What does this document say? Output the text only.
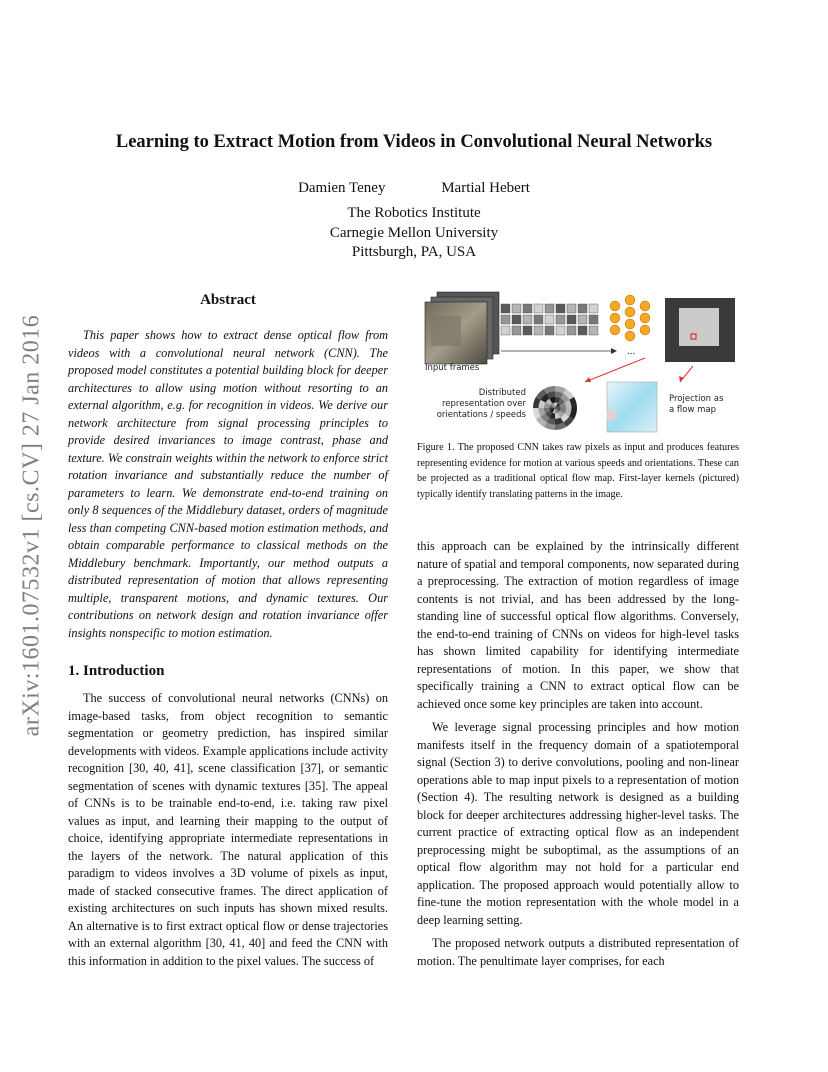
Learning to Extract Motion from Videos in Convolutional Neural Networks
Damien Teney	Martial Hebert
The Robotics Institute
Carnegie Mellon University
Pittsburgh, PA, USA
arXiv:1601.07532v1 [cs.CV] 27 Jan 2016
Abstract

This paper shows how to extract dense optical flow from videos with a convolutional neural network (CNN). The proposed model constitutes a potential building block for deeper architectures to allow using motion without resorting to an external algorithm, e.g. for recognition in videos. We derive our network architecture from signal processing principles to provide desired invariances to image contrast, phase and texture. We constrain weights within the network to enforce strict rotation invariance and substantially reduce the number of parameters to learn. We demonstrate end-to-end training on only 8 sequences of the Middlebury dataset, orders of magnitude less than competing CNN-based motion estimation methods, and obtain comparable performance to classical methods on the Middlebury benchmark. Importantly, our method outputs a distributed representation of motion that allows representing multiple, transparent motions, and dynamic textures. Our contributions on network design and rotation invariance offer insights nonspecific to motion estimation.

1. Introduction

The success of convolutional neural networks (CNNs) on image-based tasks, from object recognition to semantic segmentation or geometry prediction, has inspired similar developments with videos. Example applications include activity recognition [30, 40, 41], scene classification [37], or semantic segmentation of scenes with dynamic textures [35]. The appeal of CNNs is to be trainable end-to-end, i.e. taking raw pixel values as input, and learning their mapping to the output of choice, identifying appropriate intermediate representations in the layers of the network. The natural application of this paradigm to videos involves a 3D volume of pixels as input, made of stacked consecutive frames. The direct application of existing architectures on such inputs has shown mixed results. An alternative is to first extract optical flow or dense trajectories with an external algorithm [30, 41, 40] and feed the CNN with this information in addition to the pixel values. The success of

...
Input frames
Distributed
representation over
orientations / speeds
Projection as
a flow map
Figure 1. The proposed CNN takes raw pixels as input and produces features representing evidence for motion at various speeds and orientations. These can be projected as a traditional optical flow map. First-layer kernels (pictured) typically identify translating patterns in the image.

this approach can be explained by the intrinsically different nature of spatial and temporal components, now separated during a preprocessing. The extraction of motion regardless of image contents is not trivial, and has been addressed by the long-standing line of successful optical flow algorithms. Conversely, the end-to-end training of CNNs on videos for high-level tasks has shown limited capability for identifying intermediate representations of motion. In this paper, we show that specifically training a CNN to extract optical flow can be achieved once some key principles are taken into account.

We leverage signal processing principles and how motion manifests itself in the frequency domain of a spatiotemporal signal (Section 3) to derive convolutions, pooling and non-linear operations able to map input pixels to a representation of motion (Section 4). The resulting network is designed as a building block for deeper architectures addressing higher-level tasks. The current practice of extracting optical flow as an independent preprocessing might be suboptimal, as the assumptions of an optical flow algorithm may not hold for a particular end application. The proposed approach would potentially allow to fine-tune the motion representation with the whole model in a deep learning setting.

The proposed network outputs a distributed representation of motion. The penultimate layer comprises, for each
